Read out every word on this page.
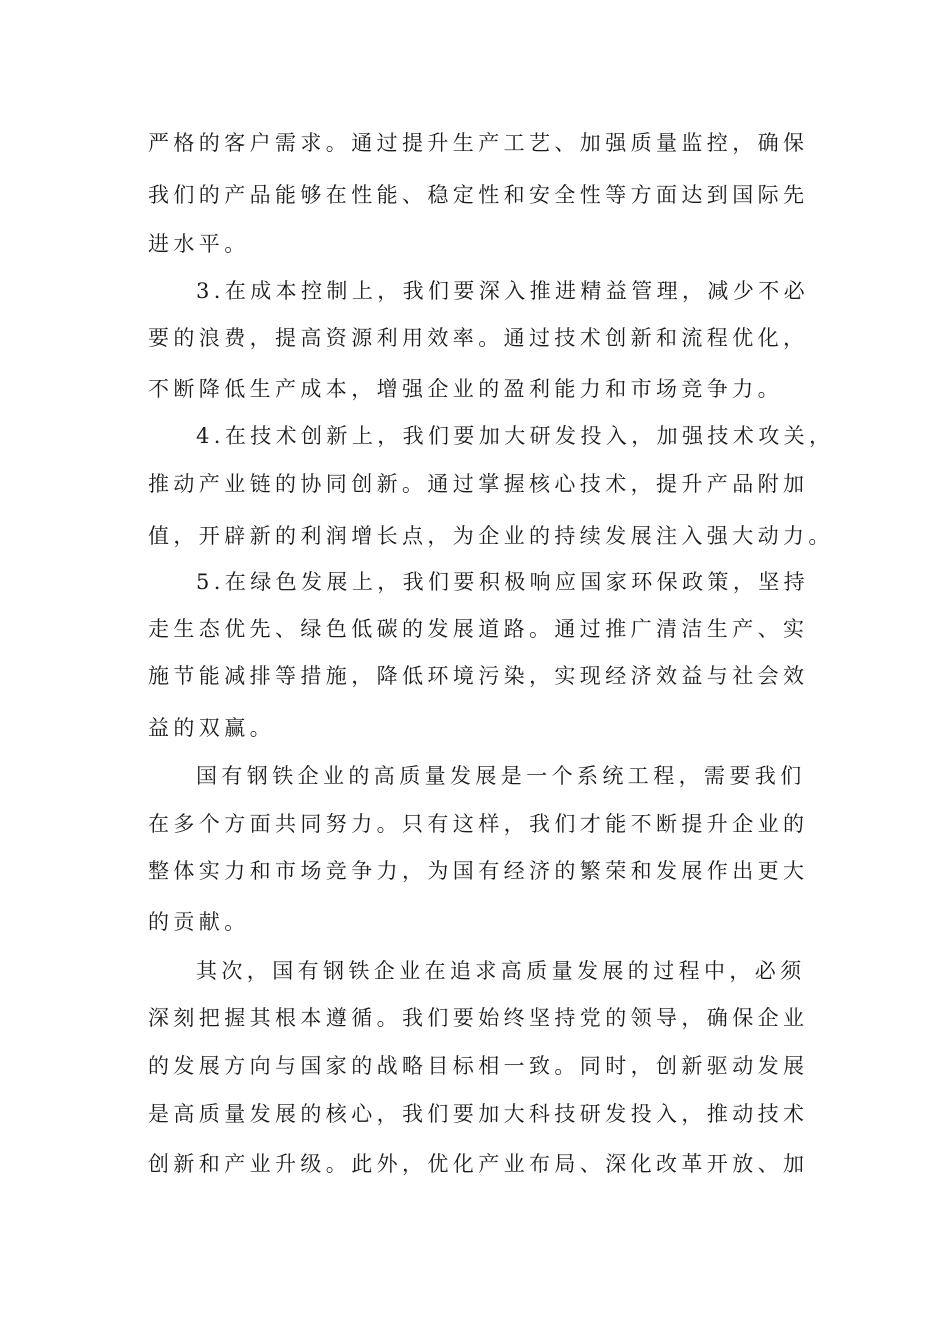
严格的客户需求。通过提升生产工艺、加强质量监控，确保
我们的产品能够在性能、稳定性和安全性等方面达到国际先
进水平。
3.在成本控制上，我们要深入推进精益管理，减少不必
要的浪费，提高资源利用效率。通过技术创新和流程优化，
不断降低生产成本，增强企业的盈利能力和市场竞争力。
4.在技术创新上，我们要加大研发投入，加强技术攻关，
推动产业链的协同创新。通过掌握核心技术，提升产品附加
值，开辟新的利润增长点，为企业的持续发展注入强大动力。
5.在绿色发展上，我们要积极响应国家环保政策，坚持
走生态优先、绿色低碳的发展道路。通过推广清洁生产、实
施节能减排等措施，降低环境污染，实现经济效益与社会效
益的双赢。
国有钢铁企业的高质量发展是一个系统工程，需要我们
在多个方面共同努力。只有这样，我们才能不断提升企业的
整体实力和市场竞争力，为国有经济的繁荣和发展作出更大
的贡献。
其次，国有钢铁企业在追求高质量发展的过程中，必须
深刻把握其根本遵循。我们要始终坚持党的领导，确保企业
的发展方向与国家的战略目标相一致。同时，创新驱动发展
是高质量发展的核心，我们要加大科技研发投入，推动技术
创新和产业升级。此外，优化产业布局、深化改革开放、加
